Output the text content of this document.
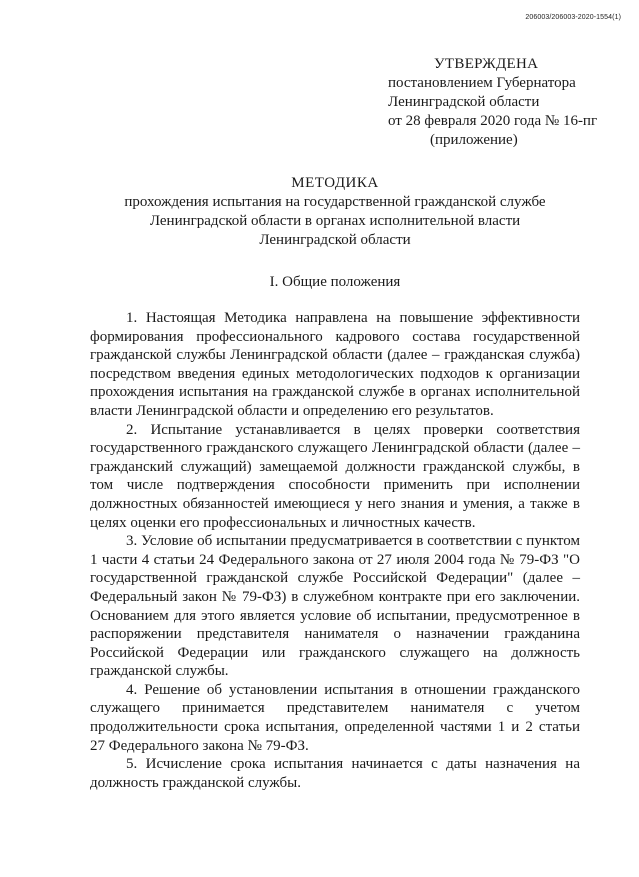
206003/206003-2020-1554(1)
УТВЕРЖДЕНА
постановлением Губернатора
Ленинградской области
от 28 февраля 2020 года № 16-пг
(приложение)
МЕТОДИКА
прохождения испытания на государственной гражданской службе
Ленинградской области в органах исполнительной власти
Ленинградской области
I. Общие положения

1. Настоящая Методика направлена на повышение эффективности формирования профессионального кадрового состава государственной гражданской службы Ленинградской области (далее – гражданская служба) посредством введения единых методологических подходов к организации прохождения испытания на гражданской службе в органах исполнительной власти Ленинградской области и определению его результатов.

2. Испытание устанавливается в целях проверки соответствия государственного гражданского служащего Ленинградской области (далее – гражданский служащий) замещаемой должности гражданской службы, в том числе подтверждения способности применить при исполнении должностных обязанностей имеющиеся у него знания и умения, а также в целях оценки его профессиональных и личностных качеств.

3. Условие об испытании предусматривается в соответствии с пунктом 1 части 4 статьи 24 Федерального закона от 27 июля 2004 года № 79-ФЗ "О государственной гражданской службе Российской Федерации" (далее – Федеральный закон № 79-ФЗ) в служебном контракте при его заключении. Основанием для этого является условие об испытании, предусмотренное в распоряжении представителя нанимателя о назначении гражданина Российской Федерации или гражданского служащего на должность гражданской службы.

4. Решение об установлении испытания в отношении гражданского служащего принимается представителем нанимателя с учетом продолжительности срока испытания, определенной частями 1 и 2 статьи 27 Федерального закона № 79-ФЗ.

5. Исчисление срока испытания начинается с даты назначения на должность гражданской службы.
